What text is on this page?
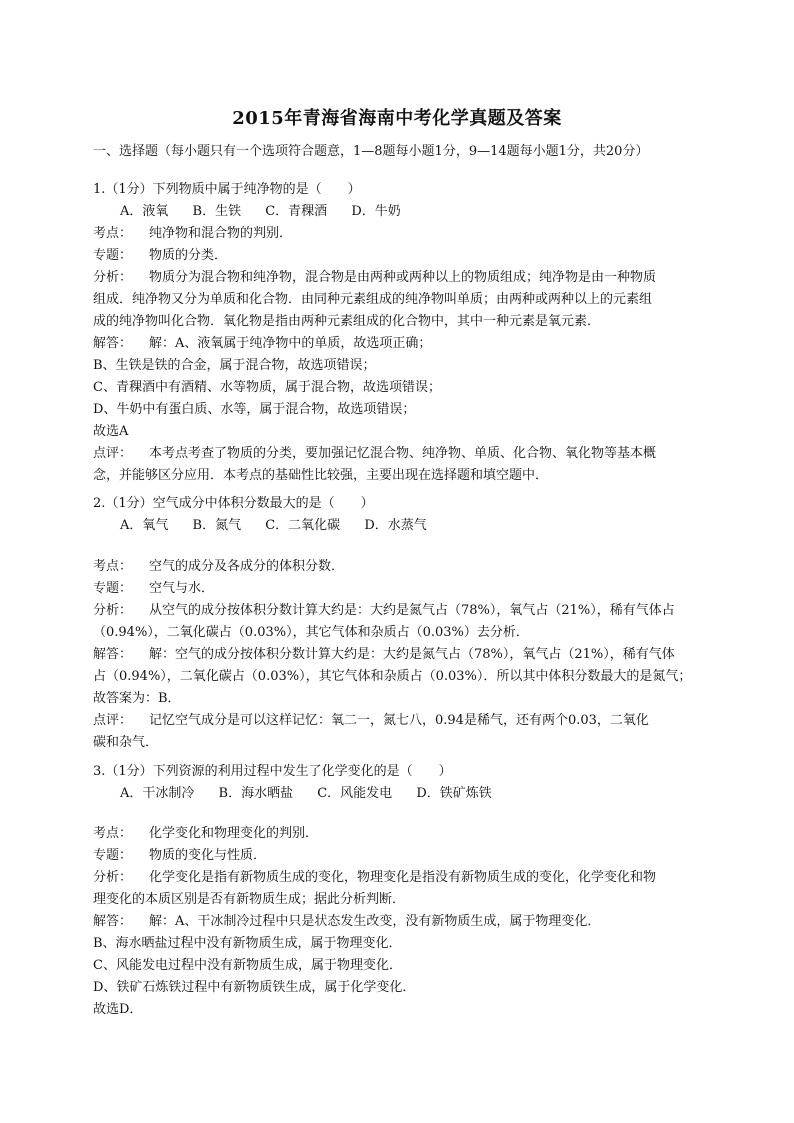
2015年青海省海南中考化学真题及答案
一、选择题（每小题只有一个选项符合题意，1—8题每小题1分，9—14题每小题1分，共20分）
1.（1分）下列物质中属于纯净物的是（　　）
A．液氧 B．生铁 C．青稞酒 D．牛奶
考点： 纯净物和混合物的判别．
专题： 物质的分类．
分析： 物质分为混合物和纯净物，混合物是由两种或两种以上的物质组成；纯净物是由一种物质
组成．纯净物又分为单质和化合物．由同种元素组成的纯净物叫单质；由两种或两种以上的元素组
成的纯净物叫化合物．氧化物是指由两种元素组成的化合物中，其中一种元素是氧元素．
解答： 解：A、液氧属于纯净物中的单质，故选项正确；
B、生铁是铁的合金，属于混合物，故选项错误；
C、青稞酒中有酒精、水等物质，属于混合物，故选项错误；
D、牛奶中有蛋白质、水等，属于混合物，故选项错误；
故选A
点评： 本考点考查了物质的分类，要加强记忆混合物、纯净物、单质、化合物、氧化物等基本概
念，并能够区分应用．本考点的基础性比较强，主要出现在选择题和填空题中．
2.（1分）空气成分中体积分数最大的是（　　）
A．氧气 B．氮气 C．二氧化碳 D．水蒸气
考点： 空气的成分及各成分的体积分数．
专题： 空气与水．
分析： 从空气的成分按体积分数计算大约是：大约是氮气占（78%），氧气占（21%），稀有气体占
（0.94%），二氧化碳占（0.03%），其它气体和杂质占（0.03%）去分析．
解答： 解：空气的成分按体积分数计算大约是：大约是氮气占（78%），氧气占（21%），稀有气体
占（0.94%），二氧化碳占（0.03%），其它气体和杂质占（0.03%）．所以其中体积分数最大的是氮气；
故答案为：B．
点评： 记忆空气成分是可以这样记忆：氧二一，氮七八，0.94是稀气，还有两个0.03，二氧化
碳和杂气．
3.（1分）下列资源的利用过程中发生了化学变化的是（　　）
A．干冰制冷 B．海水晒盐 C．风能发电 D．铁矿炼铁
考点： 化学变化和物理变化的判别．
专题： 物质的变化与性质．
分析： 化学变化是指有新物质生成的变化，物理变化是指没有新物质生成的变化，化学变化和物
理变化的本质区别是否有新物质生成；据此分析判断．
解答： 解：A、干冰制冷过程中只是状态发生改变，没有新物质生成，属于物理变化．
B、海水晒盐过程中没有新物质生成，属于物理变化．
C、风能发电过程中没有新物质生成，属于物理变化．
D、铁矿石炼铁过程中有新物质铁生成，属于化学变化．
故选D．
